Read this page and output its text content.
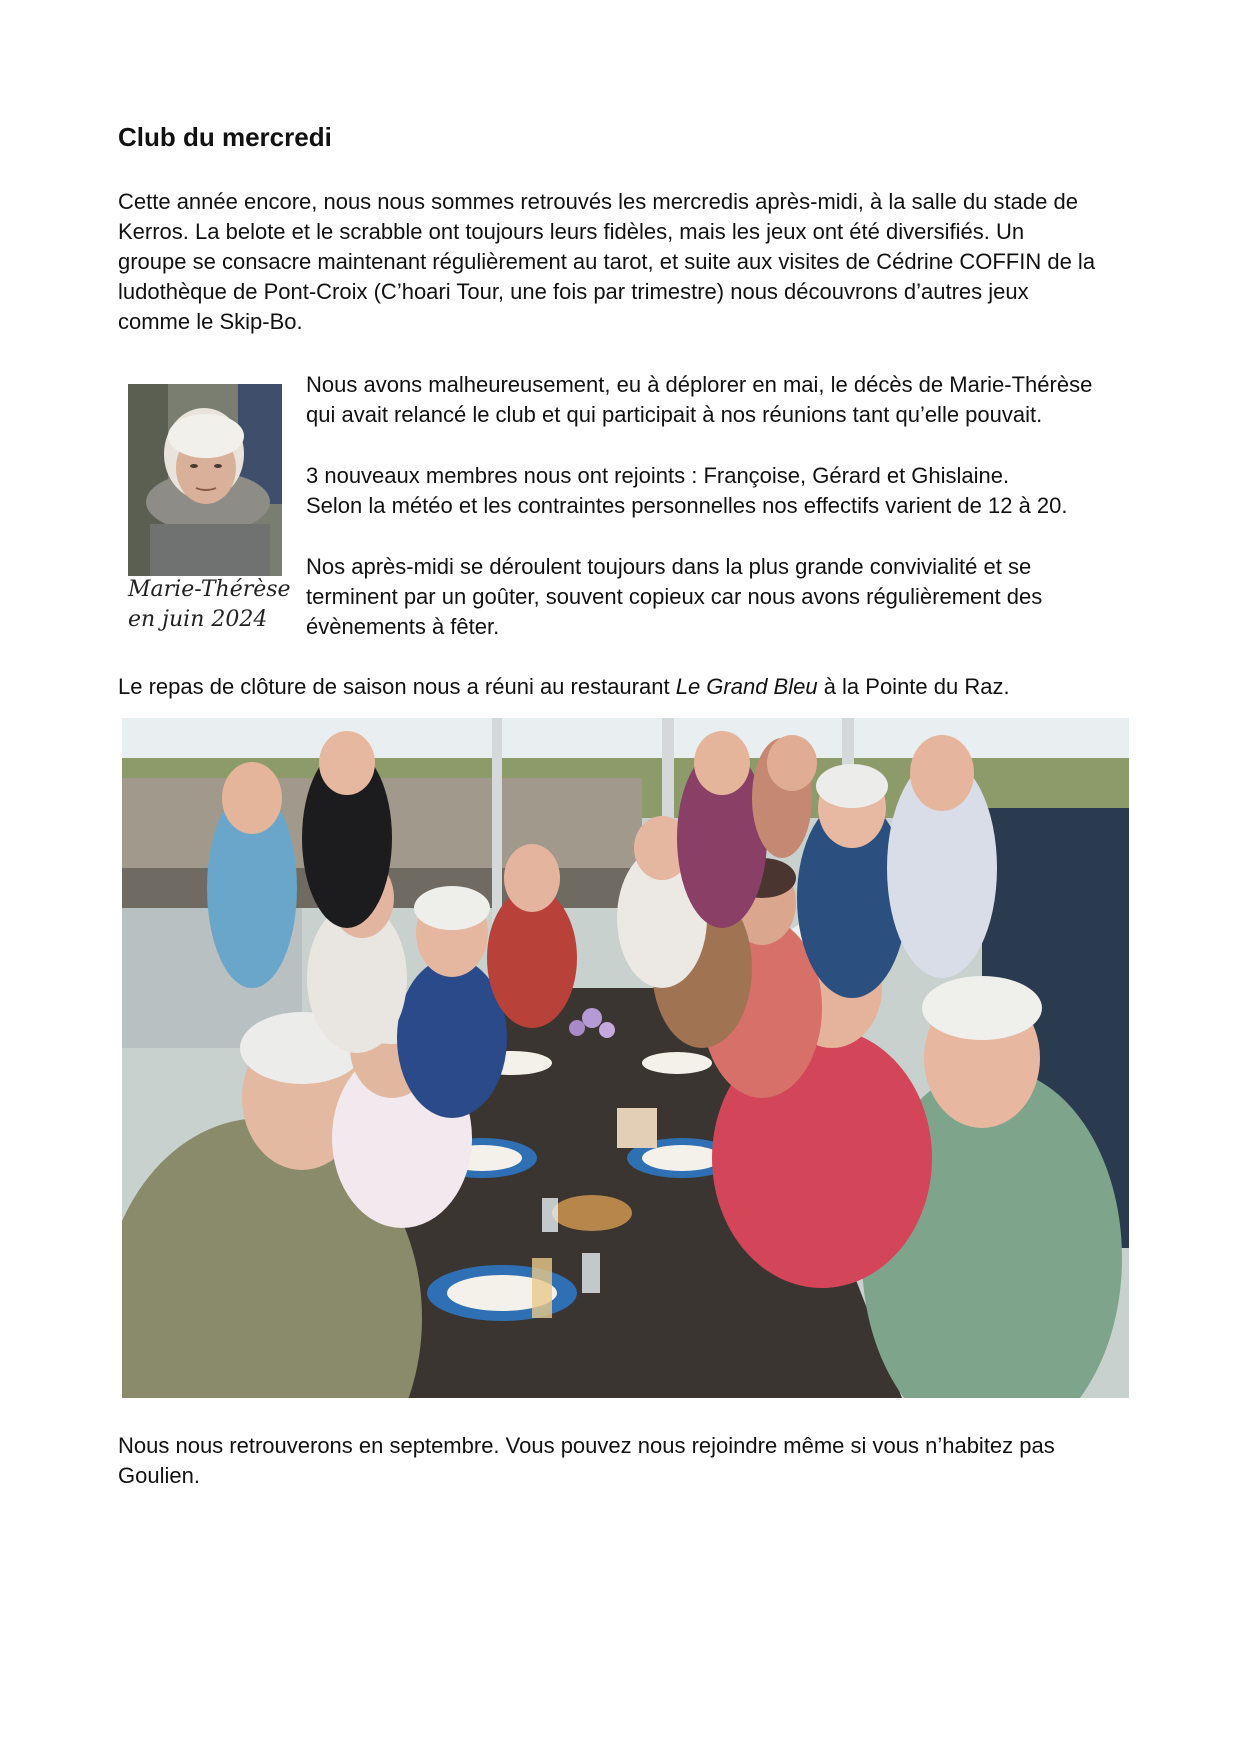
Club du mercredi

Cette année encore, nous nous sommes retrouvés les mercredis après-midi, à la salle du stade de
Kerros. La belote et le scrabble ont toujours leurs fidèles, mais les jeux ont été diversifiés. Un
groupe se consacre maintenant régulièrement au tarot, et suite aux visites de Cédrine COFFIN de la
ludothèque de Pont-Croix (C’hoari Tour, une fois par trimestre) nous découvrons d’autres jeux
comme le Skip-Bo.

Marie-Thérèse
en juin 2024

Nous avons malheureusement, eu à déplorer en mai, le décès de Marie-Thérèse
qui avait relancé le club et qui participait à nos réunions tant qu’elle pouvait.

3 nouveaux membres nous ont rejoints : Françoise, Gérard et Ghislaine.
Selon la météo et les contraintes personnelles nos effectifs varient de 12 à 20.

Nos après-midi se déroulent toujours dans la plus grande convivialité et se
terminent par un goûter, souvent copieux car nous avons régulièrement des
évènements à fêter.

Le repas de clôture de saison nous a réuni au restaurant Le Grand Bleu à la Pointe du Raz.

Nous nous retrouverons en septembre. Vous pouvez nous rejoindre même si vous n’habitez pas Goulien.
